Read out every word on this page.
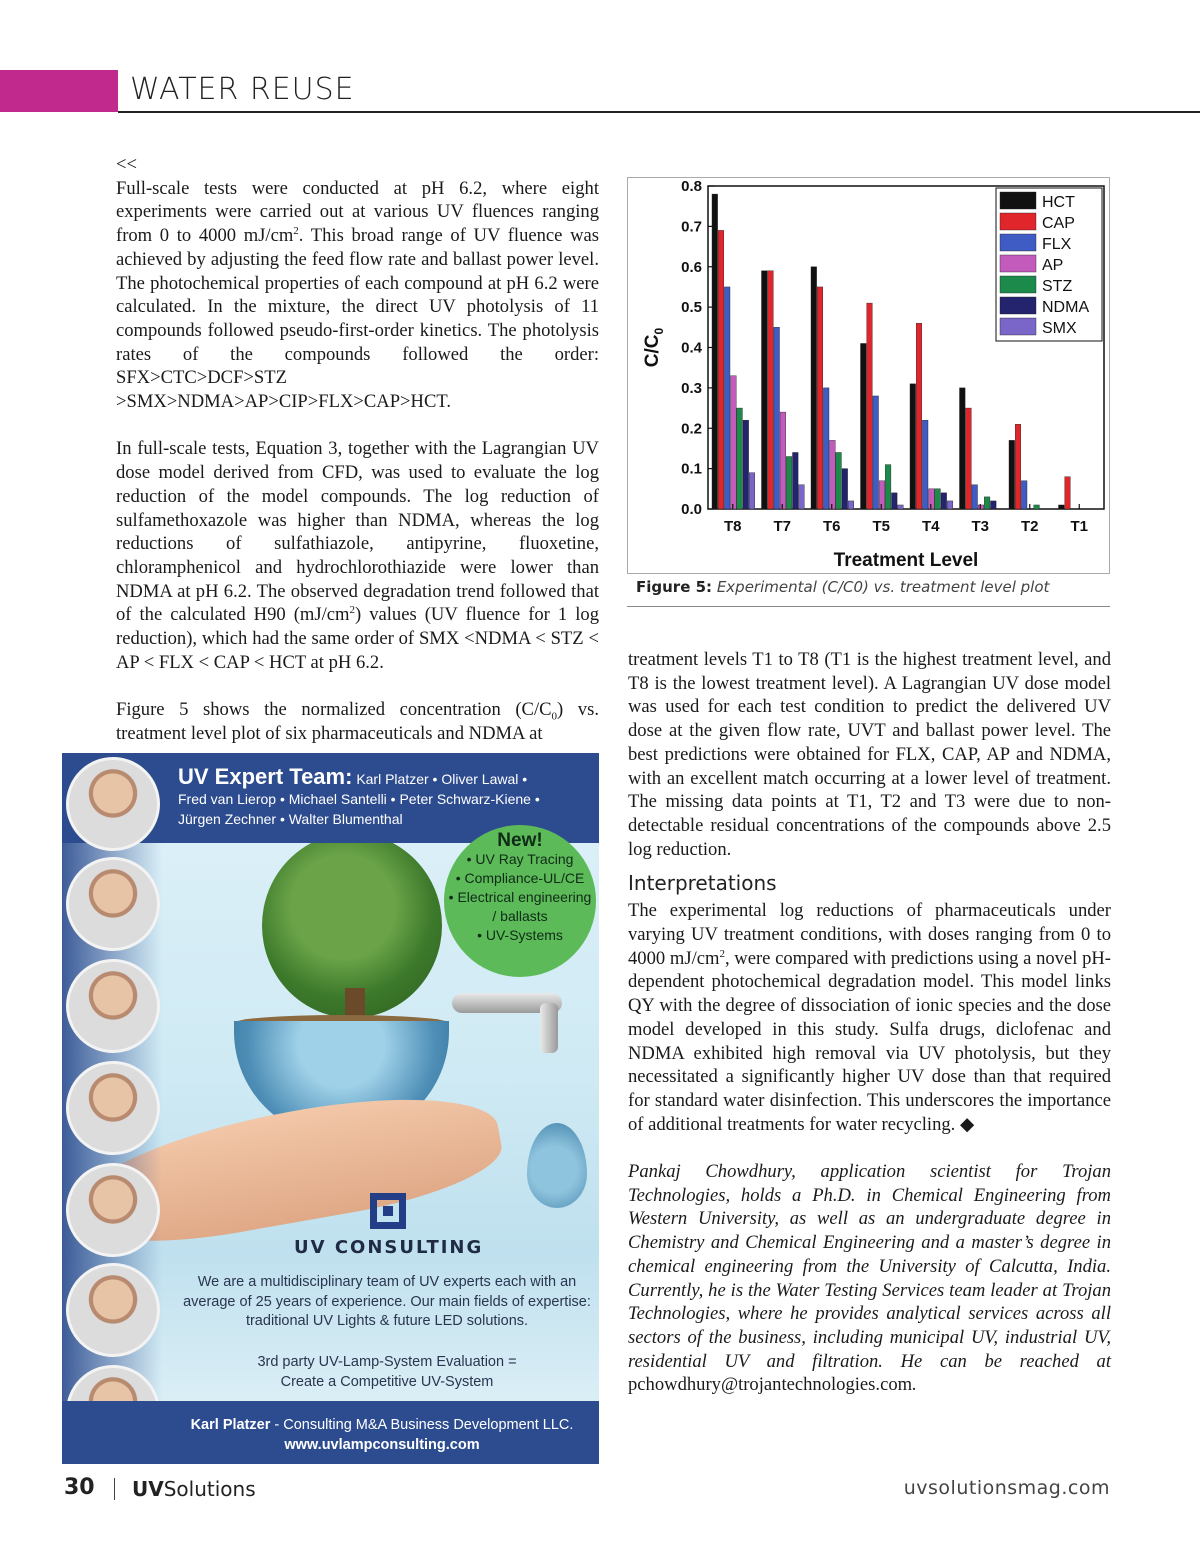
WATER REUSE

<<

Full-scale tests were conducted at pH 6.2, where eight experiments were carried out at various UV fluences ranging from 0 to 4000 $mJ/cm^2$. This broad range of UV fluence was achieved by adjusting the feed flow rate and ballast power level. The photochemical properties of each compound at pH 6.2 were calculated. In the mixture, the direct UV photolysis of 11 compounds followed pseudo-first-order kinetics. The photolysis rates of the compounds followed the order: SFX>CTC>DCF>STZ >SMX>NDMA>AP>CIP>FLX>CAP>HCT.

In full-scale tests, Equation 3, together with the Lagrangian UV dose model derived from CFD, was used to evaluate the log reduction of the model compounds. The log reduction of sulfamethoxazole was higher than NDMA, whereas the log reductions of sulfathiazole, antipyrine, fluoxetine, chloramphenicol and hydrochlorothiazide were lower than NDMA at pH 6.2. The observed degradation trend followed that of the calculated H90 $(mJ/cm^2)$ values (UV fluence for 1 log reduction), which had the same order of SMX <NDMA < STZ < AP < FLX < CAP < HCT at pH 6.2.

Figure 5 shows the normalized concentration $(C/C_0)$ vs. treatment level plot of six pharmaceuticals and NDMA at

0.0
0.1
0.2
0.3
0.4
0.5
0.6
0.7
0.8
T8 T7 T6 T5 T4 T3 T2 T1
Treatment Level
$C/C_0$
HCT
CAP
FLX
AP
STZ
NDMA
SMX
Figure 5: Experimental (C/C0) vs. treatment level plot

treatment levels T1 to T8 (T1 is the highest treatment level, and T8 is the lowest treatment level). A Lagrangian UV dose model was used for each test condition to predict the delivered UV dose at the given flow rate, UVT and ballast power level. The best predictions were obtained for FLX, CAP, AP and NDMA, with an excellent match occurring at a lower level of treatment. The missing data points at T1, T2 and T3 were due to non-detectable residual concentrations of the compounds above 2.5 log reduction.

Interpretations

The experimental log reductions of pharmaceuticals under varying UV treatment conditions, with doses ranging from 0 to 4000 $mJ/cm^2$, were compared with predictions using a novel pH-dependent photochemical degradation model. This model links QY with the degree of dissociation of ionic species and the dose model developed in this study. Sulfa drugs, diclofenac and NDMA exhibited high removal via UV photolysis, but they necessitated a significantly higher UV dose than that required for standard water disinfection. This underscores the importance of additional treatments for water recycling. ◆

Pankaj Chowdhury, application scientist for Trojan Technologies, holds a Ph.D. in Chemical Engineering from Western University, as well as an undergraduate degree in Chemistry and Chemical Engineering and a master’s degree in chemical engineering from the University of Calcutta, India. Currently, he is the Water Testing Services team leader at Trojan Technologies, where he provides analytical services across all sectors of the business, including municipal UV, industrial UV, residential UV and filtration. He can be reached at pchowdhury@trojantechnologies.com.

UV Expert Team: Karl Platzer • Oliver Lawal •
Fred van Lierop • Michael Santelli • Peter Schwarz-Kiene •
Jürgen Zechner • Walter Blumenthal
New!
• UV Ray Tracing
• Compliance-UL/CE
• Electrical engineering
/ ballasts
• UV-Systems
UV CONSULTING
We are a multidisciplinary team of UV experts each with an average of 25 years of experience. Our main fields of expertise: traditional UV Lights & future LED solutions.
3rd party UV-Lamp-System Evaluation =
Create a Competitive UV-System
Karl Platzer - Consulting M&A Business Development LLC.
www.uvlampconsulting.com
30 UVSolutions	uvsolutionsmag.com
